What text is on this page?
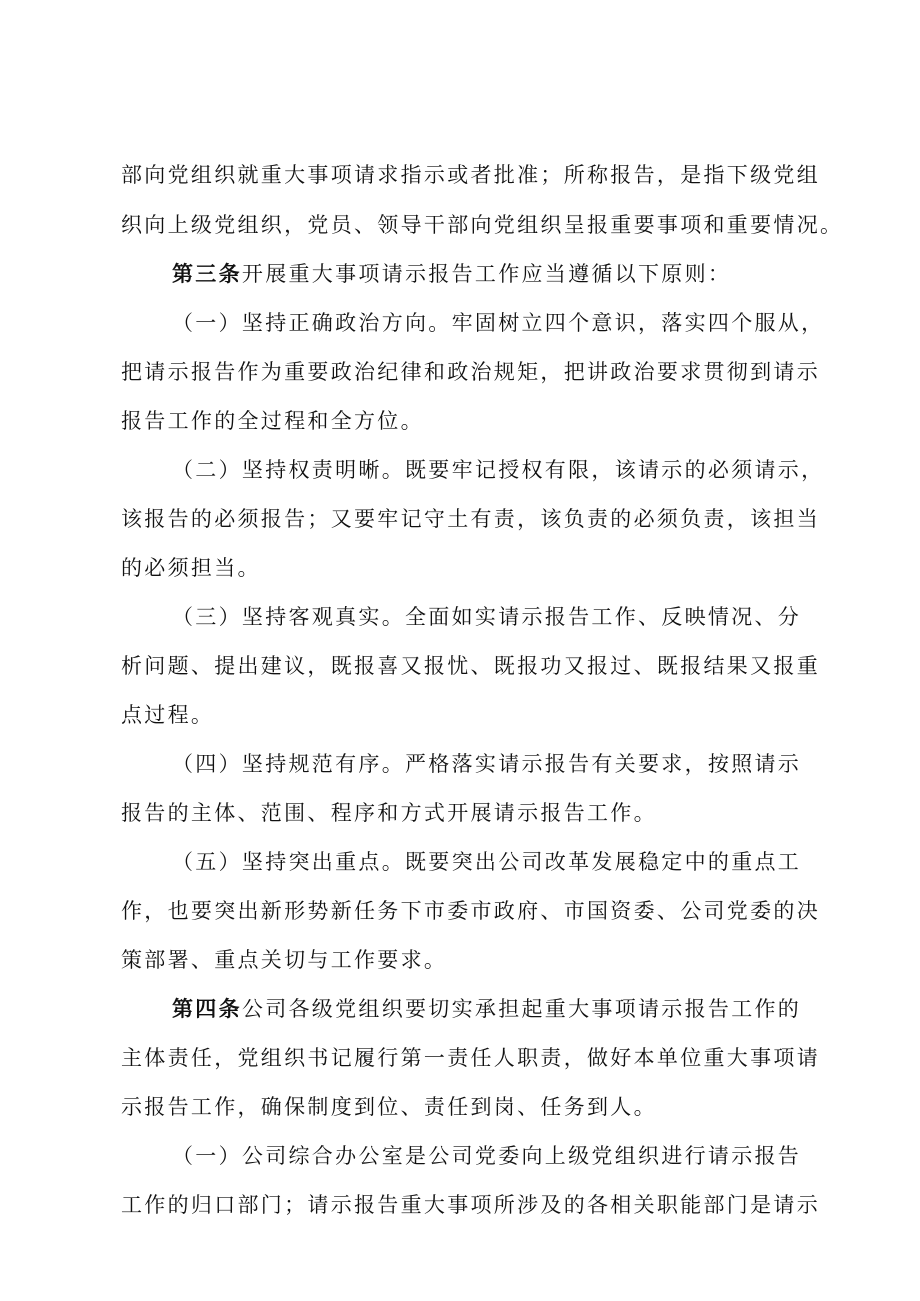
部向党组织就重大事项请求指示或者批准；所称报告，是指下级党组
织向上级党组织，党员、领导干部向党组织呈报重要事项和重要情况。
第三条开展重大事项请示报告工作应当遵循以下原则：
（一）坚持正确政治方向。牢固树立四个意识，落实四个服从，
把请示报告作为重要政治纪律和政治规矩，把讲政治要求贯彻到请示
报告工作的全过程和全方位。
（二）坚持权责明晰。既要牢记授权有限，该请示的必须请示，
该报告的必须报告；又要牢记守土有责，该负责的必须负责，该担当
的必须担当。
（三）坚持客观真实。全面如实请示报告工作、反映情况、分
析问题、提出建议，既报喜又报忧、既报功又报过、既报结果又报重
点过程。
（四）坚持规范有序。严格落实请示报告有关要求，按照请示
报告的主体、范围、程序和方式开展请示报告工作。
（五）坚持突出重点。既要突出公司改革发展稳定中的重点工
作，也要突出新形势新任务下市委市政府、市国资委、公司党委的决
策部署、重点关切与工作要求。
第四条公司各级党组织要切实承担起重大事项请示报告工作的
主体责任，党组织书记履行第一责任人职责，做好本单位重大事项请
示报告工作，确保制度到位、责任到岗、任务到人。
（一）公司综合办公室是公司党委向上级党组织进行请示报告
工作的归口部门；请示报告重大事项所涉及的各相关职能部门是请示
